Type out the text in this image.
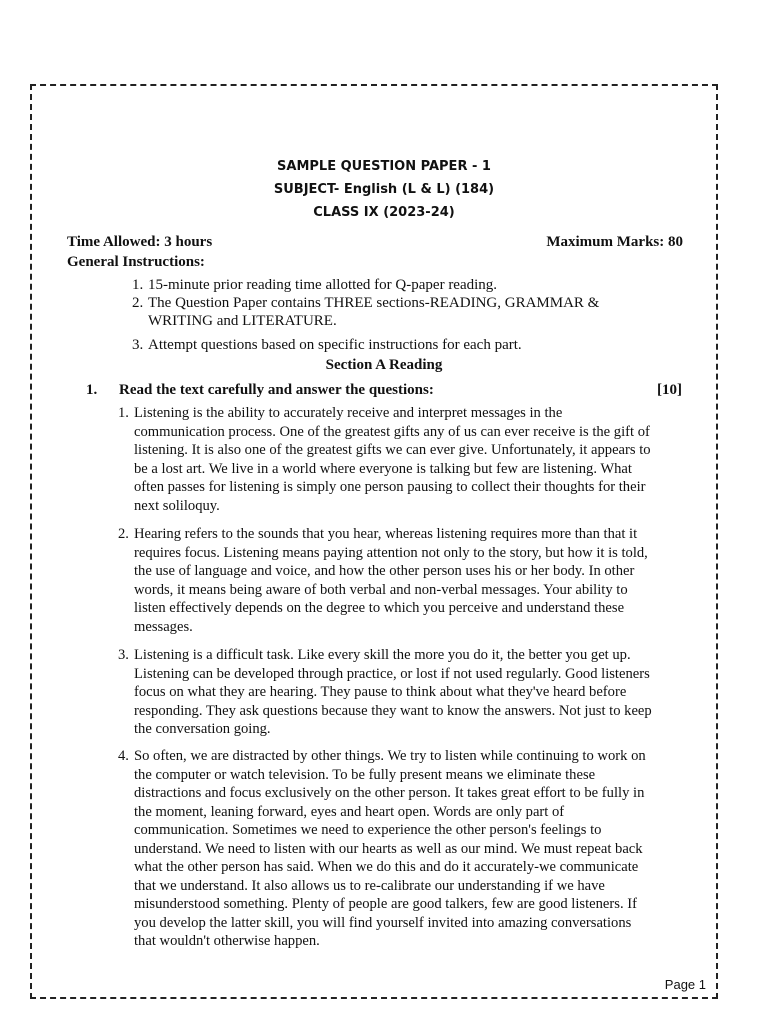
SAMPLE QUESTION PAPER - 1
SUBJECT- English (L & L) (184)
CLASS IX (2023-24)
Time Allowed: 3 hours	Maximum Marks: 80
General Instructions:
1. 15-minute prior reading time allotted for Q-paper reading.
2. The Question Paper contains THREE sections-READING, GRAMMAR & WRITING and LITERATURE.
3. Attempt questions based on specific instructions for each part.
Section A Reading
1. Read the text carefully and answer the questions:	[10]
1. Listening is the ability to accurately receive and interpret messages in the communication process. One of the greatest gifts any of us can ever receive is the gift of listening. It is also one of the greatest gifts we can ever give. Unfortunately, it appears to be a lost art. We live in a world where everyone is talking but few are listening. What often passes for listening is simply one person pausing to collect their thoughts for their next soliloquy.
2. Hearing refers to the sounds that you hear, whereas listening requires more than that it requires focus. Listening means paying attention not only to the story, but how it is told, the use of language and voice, and how the other person uses his or her body. In other words, it means being aware of both verbal and non-verbal messages. Your ability to listen effectively depends on the degree to which you perceive and understand these messages.
3. Listening is a difficult task. Like every skill the more you do it, the better you get up. Listening can be developed through practice, or lost if not used regularly. Good listeners focus on what they are hearing. They pause to think about what they've heard before responding. They ask questions because they want to know the answers. Not just to keep the conversation going.
4. So often, we are distracted by other things. We try to listen while continuing to work on the computer or watch television. To be fully present means we eliminate these distractions and focus exclusively on the other person. It takes great effort to be fully in the moment, leaning forward, eyes and heart open. Words are only part of communication. Sometimes we need to experience the other person's feelings to understand. We need to listen with our hearts as well as our mind. We must repeat back what the other person has said. When we do this and do it accurately-we communicate that we understand. It also allows us to re-calibrate our understanding if we have misunderstood something. Plenty of people are good talkers, few are good listeners. If you develop the latter skill, you will find yourself invited into amazing conversations that wouldn't otherwise happen.
Page 1
